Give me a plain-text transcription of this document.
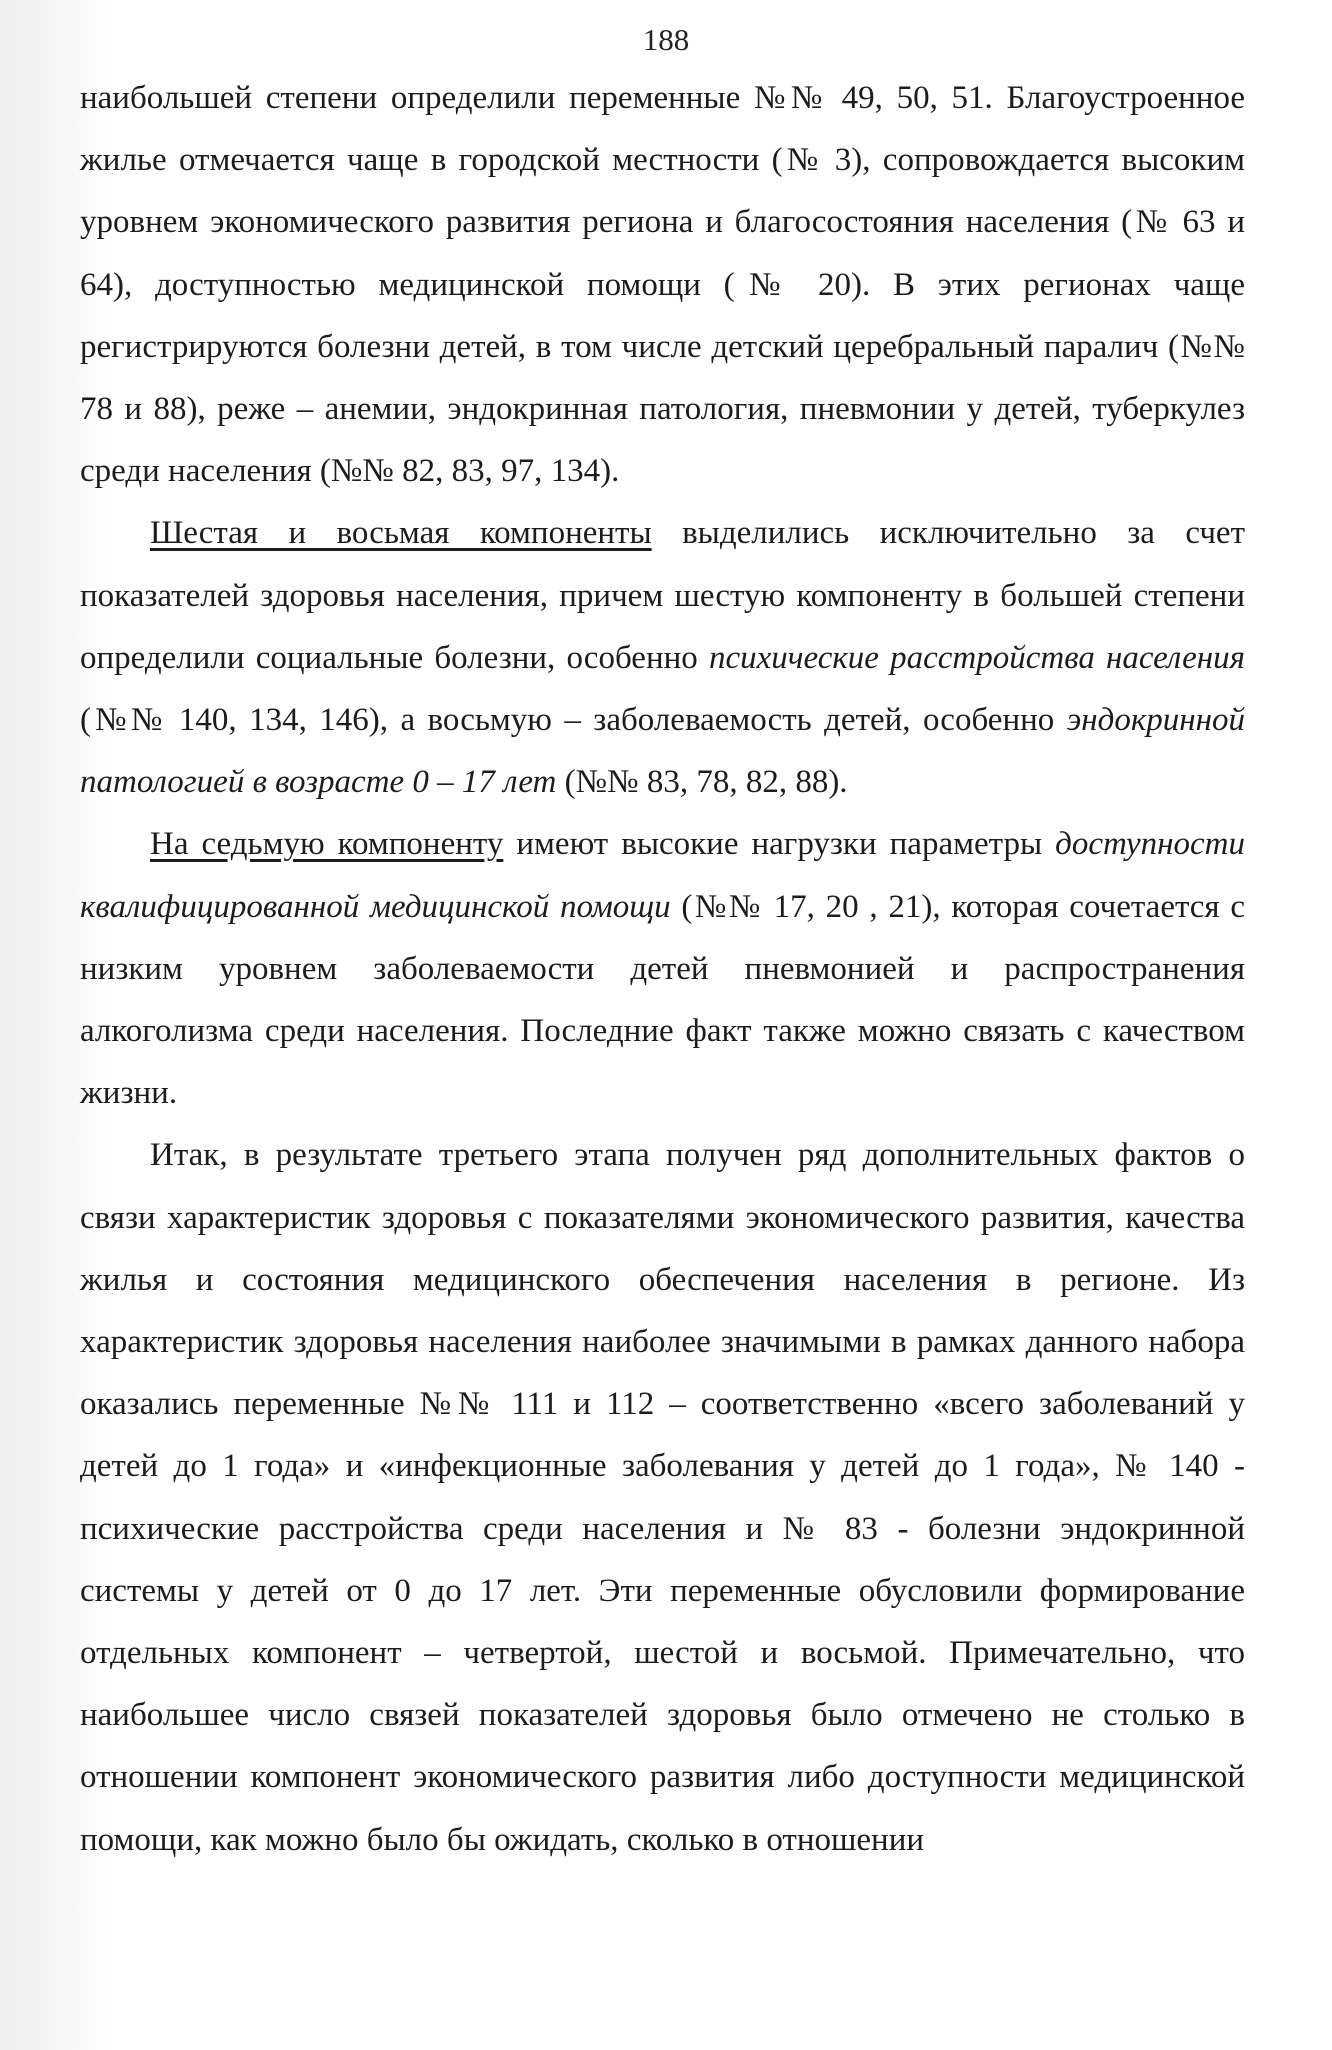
188

наибольшей степени определили переменные №№ 49, 50, 51. Благоустроенное жилье отмечается чаще в городской местности (№ 3), сопровождается высоким уровнем экономического развития региона и благосостояния населения (№ 63 и 64), доступностью медицинской помощи (№ 20). В этих регионах чаще регистрируются болезни детей, в том числе детский церебральный паралич (№№ 78 и 88), реже – анемии, эндокринная патология, пневмонии у детей, туберкулез среди населения (№№ 82, 83, 97, 134).

Шестая и восьмая компоненты выделились исключительно за счет показателей здоровья населения, причем шестую компоненту в большей степени определили социальные болезни, особенно психические расстройства населения (№№ 140, 134, 146), а восьмую – заболеваемость детей, особенно эндокринной патологией в возрасте 0 – 17 лет (№№ 83, 78, 82, 88).

На седьмую компоненту имеют высокие нагрузки параметры доступности квалифицированной медицинской помощи (№№ 17, 20 , 21), которая сочетается с низким уровнем заболеваемости детей пневмонией и распространения алкоголизма среди населения. Последние факт также можно связать с качеством жизни.

Итак, в результате третьего этапа получен ряд дополнительных фактов о связи характеристик здоровья с показателями экономического развития, качества жилья и состояния медицинского обеспечения населения в регионе. Из характеристик здоровья населения наиболее значимыми в рамках данного набора оказались переменные №№ 111 и 112 – соответственно «всего заболеваний у детей до 1 года» и «инфекционные заболевания у детей до 1 года», № 140 - психические расстройства среди населения и № 83 - болезни эндокринной системы у детей от 0 до 17 лет. Эти переменные обусловили формирование отдельных компонент – четвертой, шестой и восьмой. Примечательно, что наибольшее число связей показателей здоровья было отмечено не столько в отношении компонент экономического развития либо доступности медицинской помощи, как можно было бы ожидать, сколько в отношении
